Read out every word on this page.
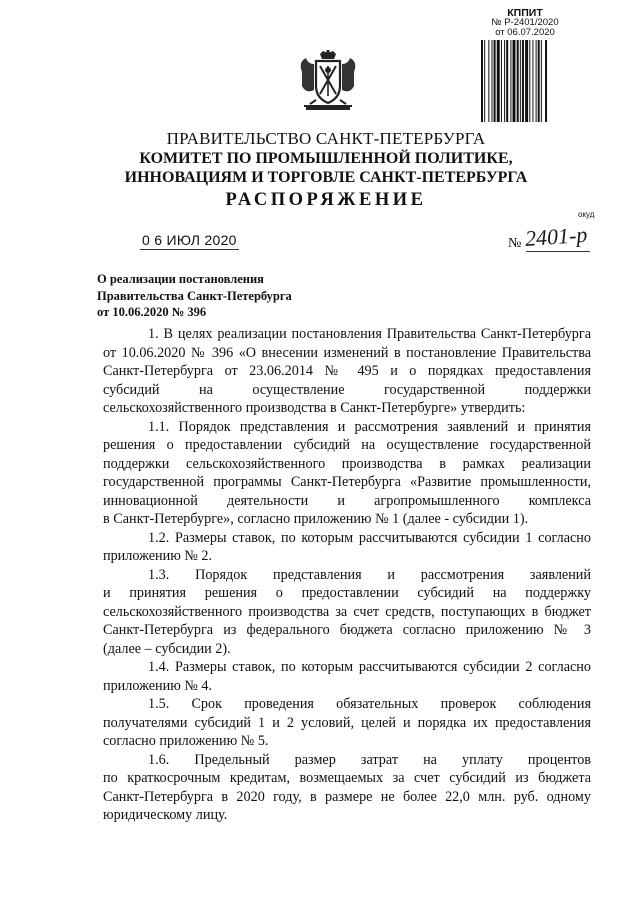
КППИТ
№ Р-2401/2020
от 06.07.2020
ПРАВИТЕЛЬСТВО САНКТ-ПЕТЕРБУРГА
КОМИТЕТ ПО ПРОМЫШЛЕННОЙ ПОЛИТИКЕ,
ИННОВАЦИЯМ И ТОРГОВЛЕ САНКТ-ПЕТЕРБУРГА
РАСПОРЯЖЕНИЕ
окуд
0 6 ИЮЛ 2020	№ 2401-р
О реализации постановления
Правительства Санкт-Петербурга
от 10.06.2020 № 396
1. В целях реализации постановления Правительства Санкт-Петербурга
от 10.06.2020 № 396 «О внесении изменений в постановление Правительства
Санкт-Петербурга от 23.06.2014 № 495 и о порядках предоставления
субсидий на осуществление государственной поддержки
сельскохозяйственного производства в Санкт-Петербурге» утвердить:
1.1. Порядок представления и рассмотрения заявлений и принятия
решения о предоставлении субсидий на осуществление государственной
поддержки сельскохозяйственного производства в рамках реализации
государственной программы Санкт-Петербурга «Развитие промышленности,
инновационной деятельности и агропромышленного комплекса
в Санкт-Петербурге», согласно приложению № 1 (далее - субсидии 1).
1.2. Размеры ставок, по которым рассчитываются субсидии 1 согласно
приложению № 2.
1.3. Порядок представления и рассмотрения заявлений
и принятия решения о предоставлении субсидий на поддержку
сельскохозяйственного производства за счет средств, поступающих в бюджет
Санкт-Петербурга из федерального бюджета согласно приложению № 3
(далее – субсидии 2).
1.4. Размеры ставок, по которым рассчитываются субсидии 2 согласно
приложению № 4.
1.5. Срок проведения обязательных проверок соблюдения
получателями субсидий 1 и 2 условий, целей и порядка их предоставления
согласно приложению № 5.
1.6. Предельный размер затрат на уплату процентов
по краткосрочным кредитам, возмещаемых за счет субсидий из бюджета
Санкт-Петербурга в 2020 году, в размере не более 22,0 млн. руб. одному
юридическому лицу.
